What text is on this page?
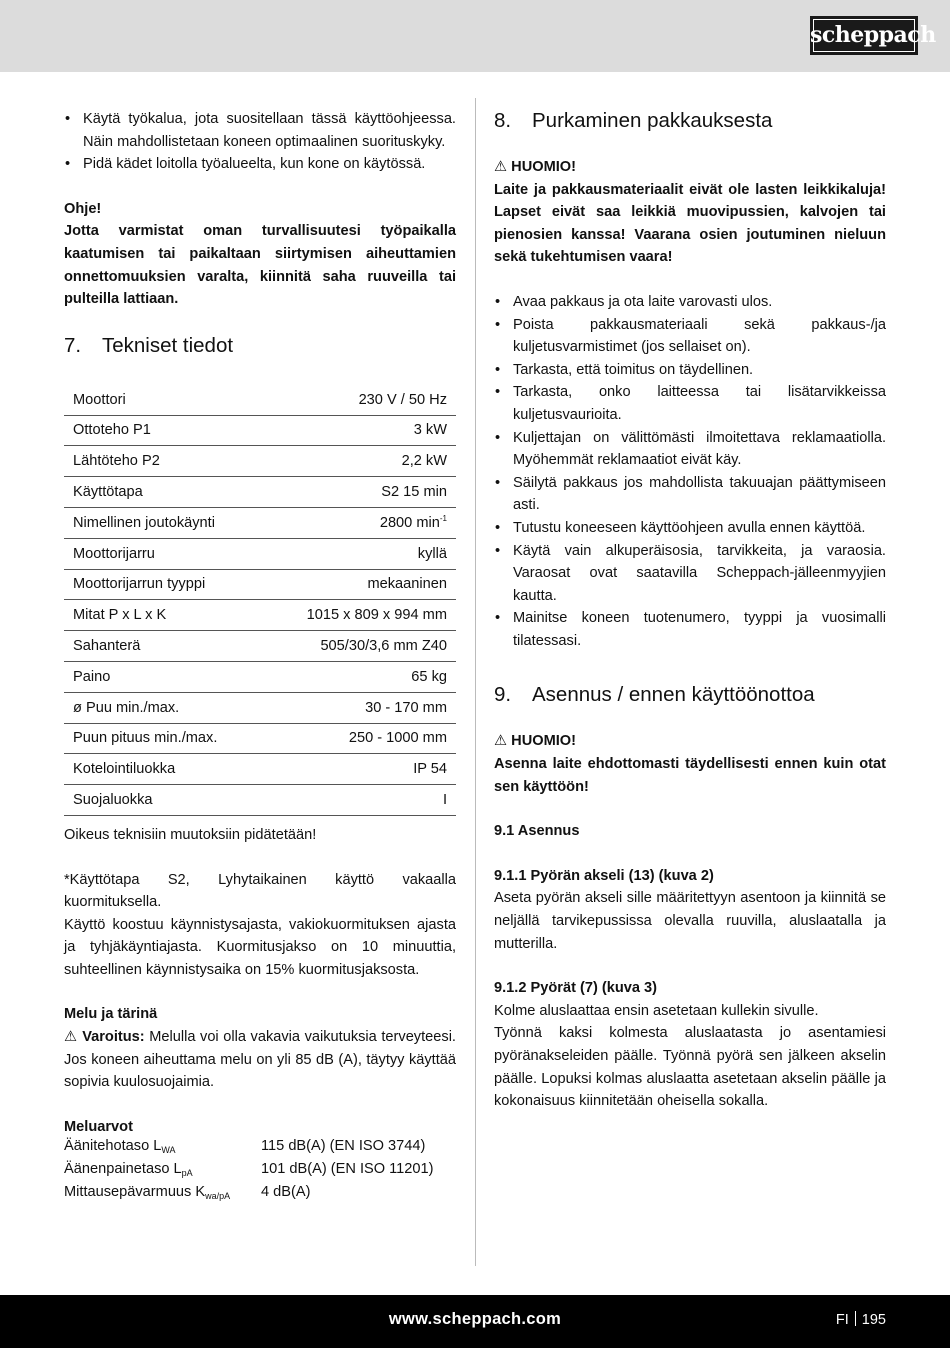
scheppach
• Käytä työkalua, jota suositellaan tässä käyttöohjeessa. Näin mahdollistetaan koneen optimaalinen suorituskyky.
• Pidä kädet loitolla työalueelta, kun kone on käytössä.

Ohje!

Jotta varmistat oman turvallisuutesi työpaikalla kaatumisen tai paikaltaan siirtymisen aiheuttamien onnettomuuksien varalta, kiinnitä saha ruuveilla tai pulteilla lattiaan.

7. Tekniset tiedot
Moottori	230 V / 50 Hz
Ottoteho P1	3 kW
Lähtöteho P2	2,2 kW
Käyttötapa	S2 15 min
Nimellinen joutokäynti	2800 $\min^{-1}$
Moottorijarru	kyllä
Moottorijarrun tyyppi	mekaaninen
Mitat P x L x K	1015 x 809 x 994 mm
Sahanterä	505/30/3,6 mm Z40
Paino	65 kg
ø Puu min./max.	30 - 170 mm
Puun pituus min./max.	250 - 1000 mm
Kotelointiluokka	IP 54
Suojaluokka	I

Oikeus teknisiin muutoksiin pidätetään!

*Käyttötapa S2, Lyhytaikainen käyttö vakaalla kuormituksella.

Käyttö koostuu käynnistysajasta, vakiokuormituksen ajasta ja tyhjäkäyntiajasta. Kuormitusjakso on 10 minuuttia, suhteellinen käynnistysaika on 15% kuormitusjaksosta.

Melu ja tärinä

⚠ Varoitus: Melulla voi olla vakavia vaikutuksia terveyteesi. Jos koneen aiheuttama melu on yli 85 dB (A), täytyy käyttää sopivia kuulosuojaimia.

Meluarvot

Äänitehotaso $L_{WA}$	115 dB(A) (EN ISO 3744)
Äänenpainetaso $L_{pA}$	101 dB(A) (EN ISO 11201)
Mittausepävarmuus $K_{wa/pA}$	4 dB(A)
8. Purkaminen pakkauksesta

⚠ HUOMIO!

Laite ja pakkausmateriaalit eivät ole lasten leikkikaluja! Lapset eivät saa leikkiä muovipussien, kalvojen tai pienosien kanssa! Vaarana osien joutuminen nieluun sekä tukehtumisen vaara!

• Avaa pakkaus ja ota laite varovasti ulos.
• Poista pakkausmateriaali sekä pakkaus-/ja kuljetusvarmistimet (jos sellaiset on).
• Tarkasta, että toimitus on täydellinen.
• Tarkasta, onko laitteessa tai lisätarvikkeissa kuljetusvaurioita.
• Kuljettajan on välittömästi ilmoitettava reklamaatiolla. Myöhemmät reklamaatiot eivät käy.
• Säilytä pakkaus jos mahdollista takuuajan päättymiseen asti.
• Tutustu koneeseen käyttöohjeen avulla ennen käyttöä.
• Käytä vain alkuperäisosia, tarvikkeita, ja varaosia. Varaosat ovat saatavilla Scheppach-jälleenmyyjien kautta.
• Mainitse koneen tuotenumero, tyyppi ja vuosimalli tilatessasi.
9. Asennus / ennen käyttöönottoa

⚠ HUOMIO!

Asenna laite ehdottomasti täydellisesti ennen kuin otat sen käyttöön!

9.1 Asennus

9.1.1 Pyörän akseli (13) (kuva 2)

Aseta pyörän akseli sille määritettyyn asentoon ja kiinnitä se neljällä tarvikepussissa olevalla ruuvilla, aluslaatalla ja mutterilla.

9.1.2 Pyörät (7) (kuva 3)

Kolme aluslaattaa ensin asetetaan kullekin sivulle.

Työnnä kaksi kolmesta aluslaatasta jo asentamiesi pyöränakseleiden päälle. Työnnä pyörä sen jälkeen akselin päälle. Lopuksi kolmas aluslaatta asetetaan akselin päälle ja kokonaisuus kiinnitetään oheisella sokalla.

www.scheppach.com	FI 195
